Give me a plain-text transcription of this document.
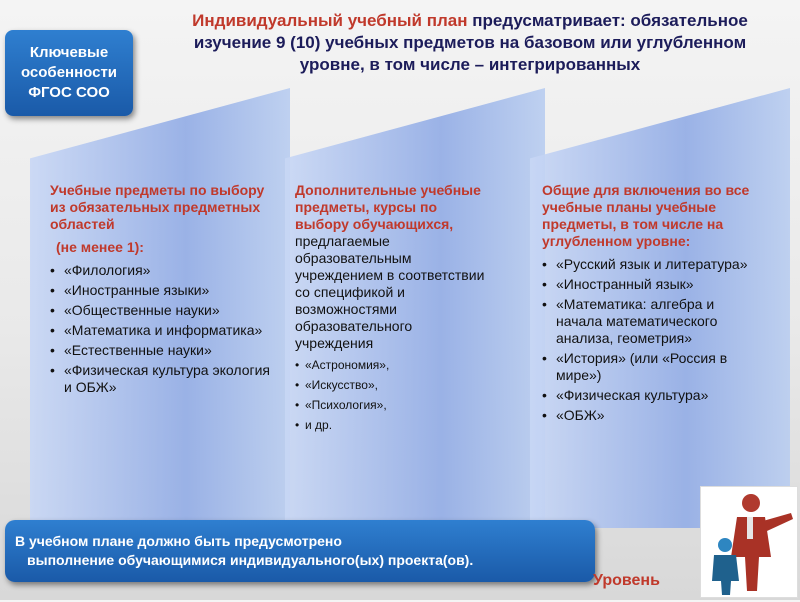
Индивидуальный учебный план предусматривает: обязательное
изучение 9 (10) учебных предметов на базовом или углубленном
уровне, в том числе – интегрированных
Ключевые особенности ФГОС СОО
Учебные предметы по выбору из обязательных предметных областей
(не менее 1):
• «Филология»
• «Иностранные языки»
• «Общественные науки»
• «Математика и информатика»
• «Естественные науки»
• «Физическая культура экология и ОБЖ»
Дополнительные учебные предметы, курсы по выбору обучающихся,
предлагаемые образовательным учреждением в соответствии со спецификой и возможностями образовательного учреждения
• «Астрономия»,
• «Искусство»,
• «Психология»,
• и др.
Общие для включения во все учебные планы учебные предметы, в том числе на углубленном уровне:
• «Русский язык и литература»
• «Иностранный язык»
• «Математика: алгебра и начала математического анализа, геометрия»
• «История» (или «Россия в мире»)
• «Физическая культура»
• «ОБЖ»
В учебном плане должно быть предусмотрено
выполнение обучающимися индивидуального(ых) проекта(ов).
Уровень
